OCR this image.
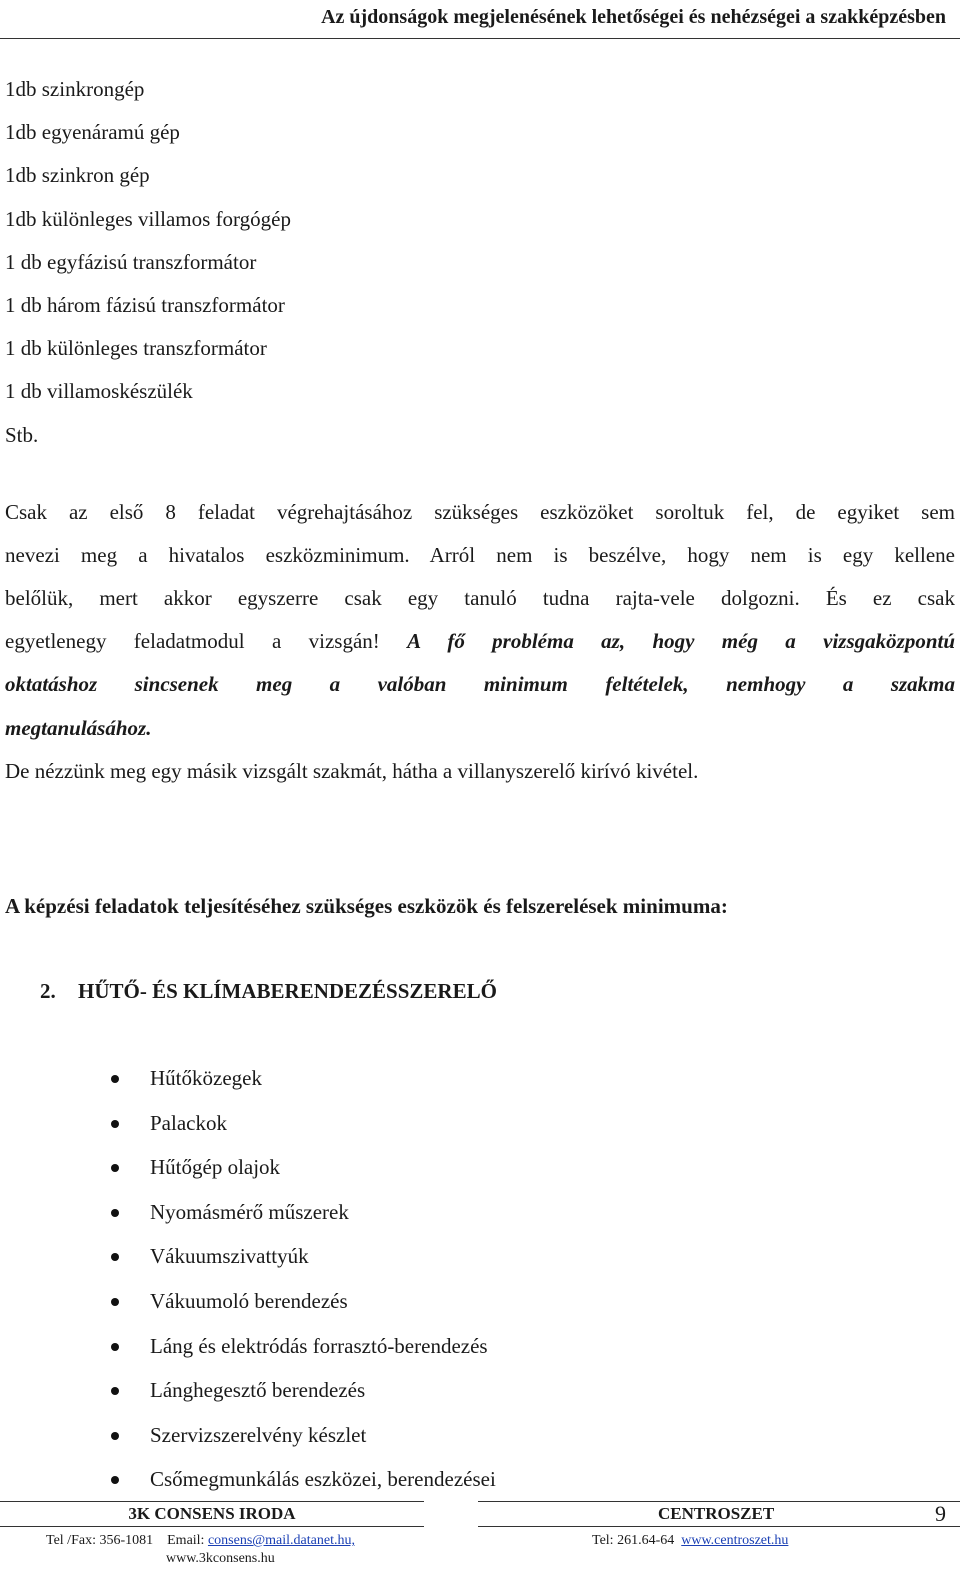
Az újdonságok megjelenésének lehetőségei és nehézségei a szakképzésben
1db szinkrongép
1db egyenáramú gép
1db szinkron gép
1db különleges villamos forgógép
1 db egyfázisú transzformátor
1 db három fázisú transzformátor
1 db különleges transzformátor
1 db villamoskészülék
Stb.
Csak az első 8 feladat végrehajtásához szükséges eszközöket soroltuk fel, de egyiket sem
nevezi meg a hivatalos eszközminimum. Arról nem is beszélve, hogy nem is egy kellene
belőlük, mert akkor egyszerre csak egy tanuló tudna rajta-vele dolgozni. És ez csak
egyetlenegy feladatmodul a vizsgán! A fő probléma az, hogy még a vizsgaközpontú
oktatáshoz sincsenek meg a valóban minimum feltételek, nemhogy a szakma
megtanulásához.
De nézzünk meg egy másik vizsgált szakmát, hátha a villanyszerelő kirívó kivétel.
A képzési feladatok teljesítéséhez szükséges eszközök és felszerelések minimuma:
2. HŰTŐ- ÉS KLÍMABERENDEZÉSSZERELŐ
Hűtőközegek
Palackok
Hűtőgép olajok
Nyomásmérő műszerek
Vákuumszivattyúk
Vákuumoló berendezés
Láng és elektródás forrasztó-berendezés
Lánghegesztő berendezés
Szervizszerelvény készlet
Csőmegmunkálás eszközei, berendezései
3K CONSENS IRODA	CENTROSZET
	9
Tel /Fax: 356-1081 Email: consens@mail.datanet.hu,
www.3kconsens.hu
Tel: 261.64-64 www.centroszet.hu
